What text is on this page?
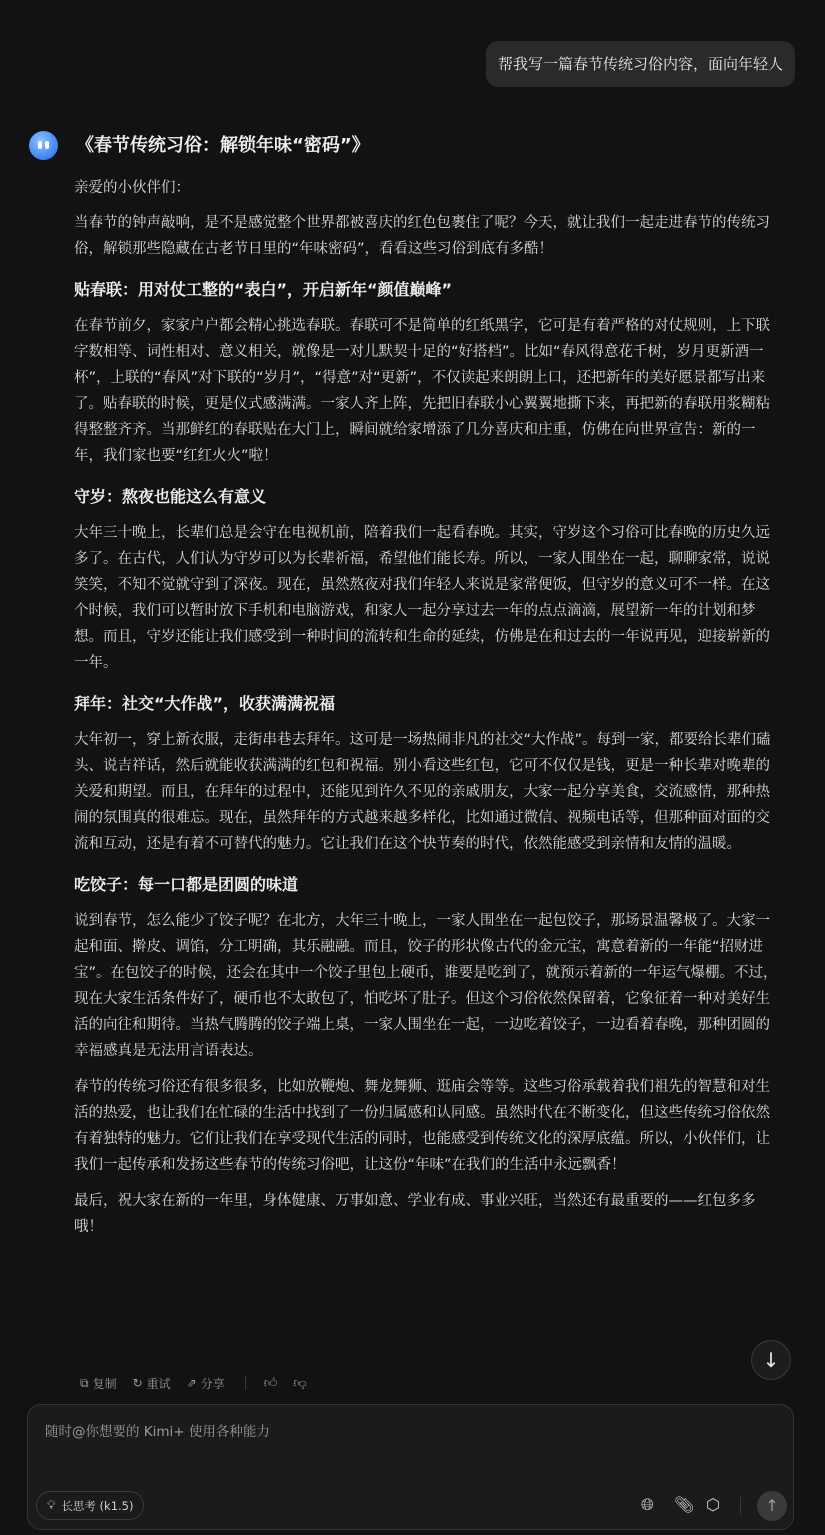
帮我写一篇春节传统习俗内容，面向年轻人
《春节传统习俗：解锁年味“密码”》
亲爱的小伙伴们：

当春节的钟声敲响，是不是感觉整个世界都被喜庆的红色包裹住了呢？今天，就让我们一起走进春节的传统习俗，解锁那些隐藏在古老节日里的“年味密码”，看看这些习俗到底有多酷！

贴春联：用对仗工整的“表白”，开启新年“颜值巅峰”

在春节前夕，家家户户都会精心挑选春联。春联可不是简单的红纸黑字，它可是有着严格的对仗规则，上下联字数相等、词性相对、意义相关，就像是一对儿默契十足的“好搭档”。比如“春风得意花千树，岁月更新酒一杯”，上联的“春风”对下联的“岁月”，“得意”对“更新”，不仅读起来朗朗上口，还把新年的美好愿景都写出来了。贴春联的时候，更是仪式感满满。一家人齐上阵，先把旧春联小心翼翼地撕下来，再把新的春联用浆糊粘得整整齐齐。当那鲜红的春联贴在大门上，瞬间就给家增添了几分喜庆和庄重，仿佛在向世界宣告：新的一年，我们家也要“红红火火”啦！

守岁：熬夜也能这么有意义

大年三十晚上，长辈们总是会守在电视机前，陪着我们一起看春晚。其实，守岁这个习俗可比春晚的历史久远多了。在古代，人们认为守岁可以为长辈祈福，希望他们能长寿。所以，一家人围坐在一起，聊聊家常，说说笑笑，不知不觉就守到了深夜。现在，虽然熬夜对我们年轻人来说是家常便饭，但守岁的意义可不一样。在这个时候，我们可以暂时放下手机和电脑游戏，和家人一起分享过去一年的点点滴滴，展望新一年的计划和梦想。而且，守岁还能让我们感受到一种时间的流转和生命的延续，仿佛是在和过去的一年说再见，迎接崭新的一年。

拜年：社交“大作战”，收获满满祝福

大年初一，穿上新衣服，走街串巷去拜年。这可是一场热闹非凡的社交“大作战”。每到一家，都要给长辈们磕头、说吉祥话，然后就能收获满满的红包和祝福。别小看这些红包，它可不仅仅是钱，更是一种长辈对晚辈的关爱和期望。而且，在拜年的过程中，还能见到许久不见的亲戚朋友，大家一起分享美食，交流感情，那种热闹的氛围真的很难忘。现在，虽然拜年的方式越来越多样化，比如通过微信、视频电话等，但那种面对面的交流和互动，还是有着不可替代的魅力。它让我们在这个快节奏的时代，依然能感受到亲情和友情的温暖。

吃饺子：每一口都是团圆的味道

说到春节，怎么能少了饺子呢？在北方，大年三十晚上，一家人围坐在一起包饺子，那场景温馨极了。大家一起和面、擀皮、调馅，分工明确，其乐融融。而且，饺子的形状像古代的金元宝，寓意着新的一年能“招财进宝”。在包饺子的时候，还会在其中一个饺子里包上硬币，谁要是吃到了，就预示着新的一年运气爆棚。不过，现在大家生活条件好了，硬币也不太敢包了，怕吃坏了肚子。但这个习俗依然保留着，它象征着一种对美好生活的向往和期待。当热气腾腾的饺子端上桌，一家人围坐在一起，一边吃着饺子，一边看着春晚，那种团圆的幸福感真是无法用言语表达。

春节的传统习俗还有很多很多，比如放鞭炮、舞龙舞狮、逛庙会等等。这些习俗承载着我们祖先的智慧和对生活的热爱，也让我们在忙碌的生活中找到了一份归属感和认同感。虽然时代在不断变化，但这些传统习俗依然有着独特的魅力。它们让我们在享受现代生活的同时，也能感受到传统文化的深厚底蕴。所以，小伙伴们，让我们一起传承和发扬这些春节的传统习俗吧，让这份“年味”在我们的生活中永远飘香！

最后，祝大家在新的一年里，身体健康、万事如意、学业有成、事业兴旺，当然还有最重要的——红包多多哦！

⧉ 复制 ↻ 重试 ⇗ 分享	👍︎ 👎︎
↓
随时@你想要的 Kimi+ 使用各种能力
💡︎ 长思考 (k1.5)	🌐︎ 📎︎ ⬡	↑
